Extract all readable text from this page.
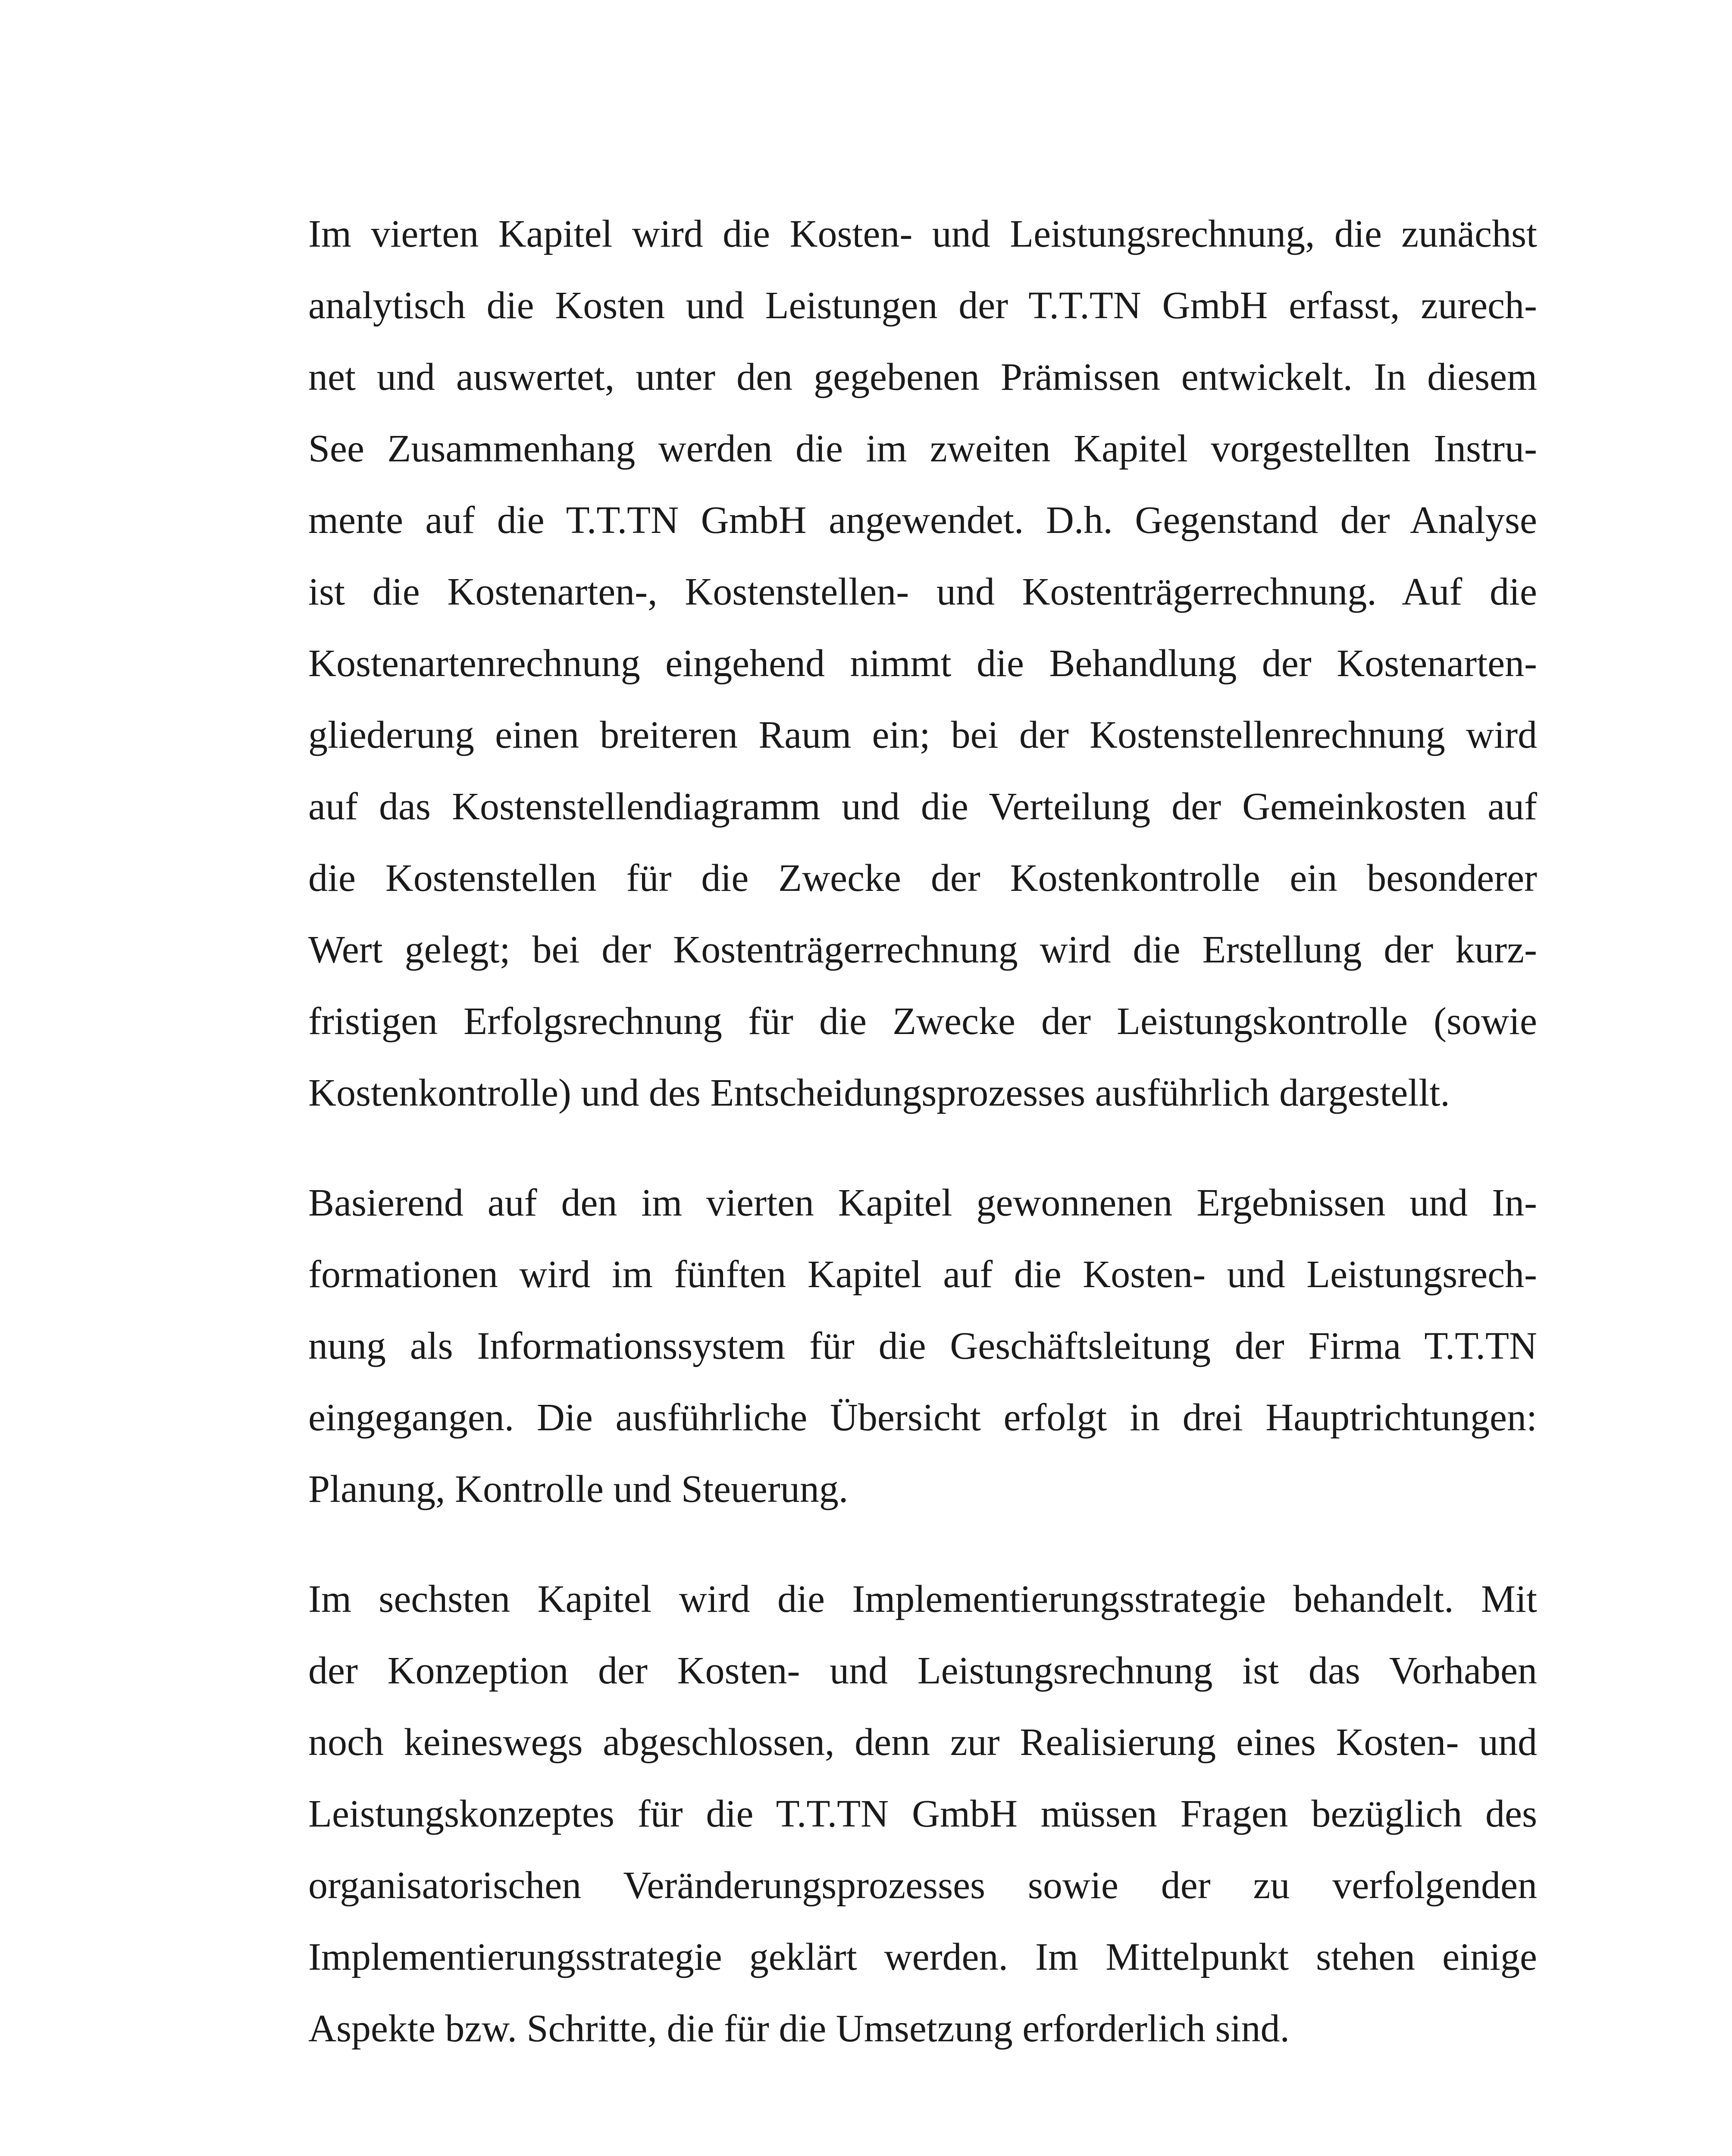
Im vierten Kapitel wird die Kosten- und Leistungsrechnung, die zunächst
analytisch die Kosten und Leistungen der T.T.TN GmbH erfasst, zurech-
net und auswertet, unter den gegebenen Prämissen entwickelt. In diesem
See Zusammenhang werden die im zweiten Kapitel vorgestellten Instru-
mente auf die T.T.TN GmbH angewendet. D.h. Gegenstand der Analyse
ist die Kostenarten-, Kostenstellen- und Kostenträgerrechnung. Auf die
Kostenartenrechnung eingehend nimmt die Behandlung der Kostenarten-
gliederung einen breiteren Raum ein; bei der Kostenstellenrechnung wird
auf das Kostenstellendiagramm und die Verteilung der Gemeinkosten auf
die Kostenstellen für die Zwecke der Kostenkontrolle ein besonderer
Wert gelegt; bei der Kostenträgerrechnung wird die Erstellung der kurz-
fristigen Erfolgsrechnung für die Zwecke der Leistungskontrolle (sowie
Kostenkontrolle) und des Entscheidungsprozesses ausführlich dargestellt.
Basierend auf den im vierten Kapitel gewonnenen Ergebnissen und In-
formationen wird im fünften Kapitel auf die Kosten- und Leistungsrech-
nung als Informationssystem für die Geschäftsleitung der Firma T.T.TN
eingegangen. Die ausführliche Übersicht erfolgt in drei Hauptrichtungen:
Planung, Kontrolle und Steuerung.
Im sechsten Kapitel wird die Implementierungsstrategie behandelt. Mit
der Konzeption der Kosten- und Leistungsrechnung ist das Vorhaben
noch keineswegs abgeschlossen, denn zur Realisierung eines Kosten- und
Leistungskonzeptes für die T.T.TN GmbH müssen Fragen bezüglich des
organisatorischen Veränderungsprozesses sowie der zu verfolgenden
Implementierungsstrategie geklärt werden. Im Mittelpunkt stehen einige
Aspekte bzw. Schritte, die für die Umsetzung erforderlich sind.
